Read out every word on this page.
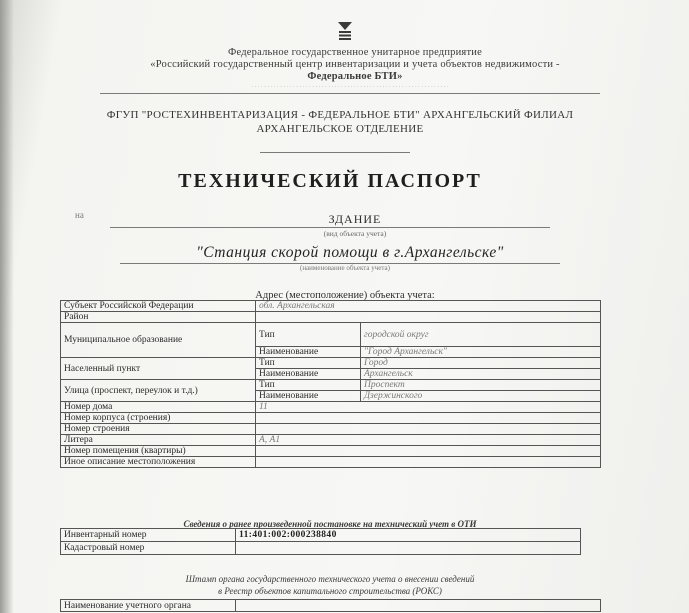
Федеральное государственное унитарное предприятие
«Российский государственный центр инвентаризации и учета объектов недвижимости -
Федеральное БТИ»
· · · · · · · · · · · · · · · · · · · · · · · · · · · · · · · · · · · · · · · · · · · · · · · · · · · · · · · · · · · · · ·
ФГУП "РОСТЕХИНВЕНТАРИЗАЦИЯ - ФЕДЕРАЛЬНОЕ БТИ" АРХАНГЕЛЬСКИЙ ФИЛИАЛ
АРХАНГЕЛЬСКОЕ ОТДЕЛЕНИЕ
ТЕХНИЧЕСКИЙ ПАСПОРТ
на	ЗДАНИЕ
(вид объекта учета)
"Станция скорой помощи в г.Архангельске"
(наименование объекта учета)
Адрес (местоположение) объекта учета:
Субъект Российской Федерации	обл. Архангельская	
Район		
Муниципальное образование	Тип	городской округ
	Наименование	"Город Архангельск"
Населенный пункт	Тип	Город
	Наименование	Архангельск
Улица (проспект, переулок и т.д.)	Тип	Проспект
	Наименование	Дзержинского
Номер дома	11	
Номер корпуса (строения)		
Номер строения		
Литера	А, А1	
Номер помещения (квартиры)		
Иное описание местоположения		
Сведения о ранее произведенной постановке на технический учет в ОТИ
Инвентарный номер	11:401:002:000238840
Кадастровый номер	
Штамп органа государственного технического учета о внесении сведений
в Реестр объектов капитального строительства (РОКС)
Наименование учетного органа	
